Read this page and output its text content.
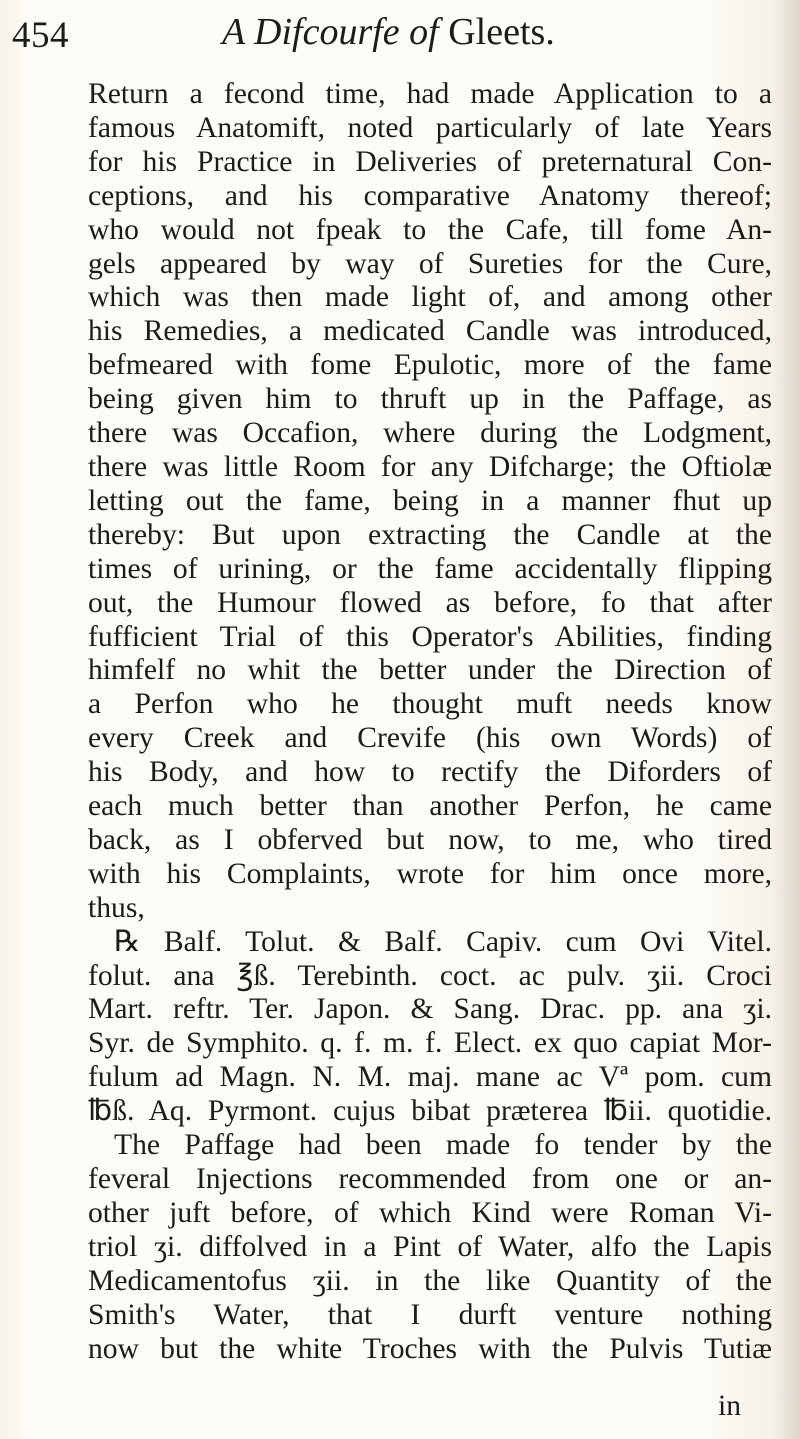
454	A Difcourfe of Gleets.
Return a fecond time, had made Application to a
famous Anatomift, noted particularly of late Years
for his Practice in Deliveries of preternatural Con-
ceptions, and his comparative Anatomy thereof;
who would not fpeak to the Cafe, till fome An-
gels appeared by way of Sureties for the Cure,
which was then made light of, and among other
his Remedies, a medicated Candle was introduced,
befmeared with fome Epulotic, more of the fame
being given him to thruft up in the Paffage, as
there was Occafion, where during the Lodgment,
there was little Room for any Difcharge; the Oftiolæ
letting out the fame, being in a manner fhut up
thereby: But upon extracting the Candle at the
times of urining, or the fame accidentally flipping
out, the Humour flowed as before, fo that after
fufficient Trial of this Operator's Abilities, finding
himfelf no whit the better under the Direction of
a Perfon who he thought muft needs know
every Creek and Crevife (his own Words) of
his Body, and how to rectify the Diforders of
each much better than another Perfon, he came
back, as I obferved but now, to me, who tired
with his Complaints, wrote for him once more,
thus,
℞ Balf. Tolut. & Balf. Capiv. cum Ovi Vitel.
folut. ana ℥ß. Terebinth. coct. ac pulv. ʒii. Croci
Mart. reftr. Ter. Japon. & Sang. Drac. pp. ana ʒi.
Syr. de Symphito. q. f. m. f. Elect. ex quo capiat Mor-
fulum ad Magn. N. M. maj. mane ac Vª pom. cum
℔ß. Aq. Pyrmont. cujus bibat præterea ℔ii. quotidie.
The Paffage had been made fo tender by the
feveral Injections recommended from one or an-
other juft before, of which Kind were Roman Vi-
triol ʒi. diffolved in a Pint of Water, alfo the Lapis
Medicamentofus ʒii. in the like Quantity of the
Smith's Water, that I durft venture nothing
now but the white Troches with the Pulvis Tutiæ
in
